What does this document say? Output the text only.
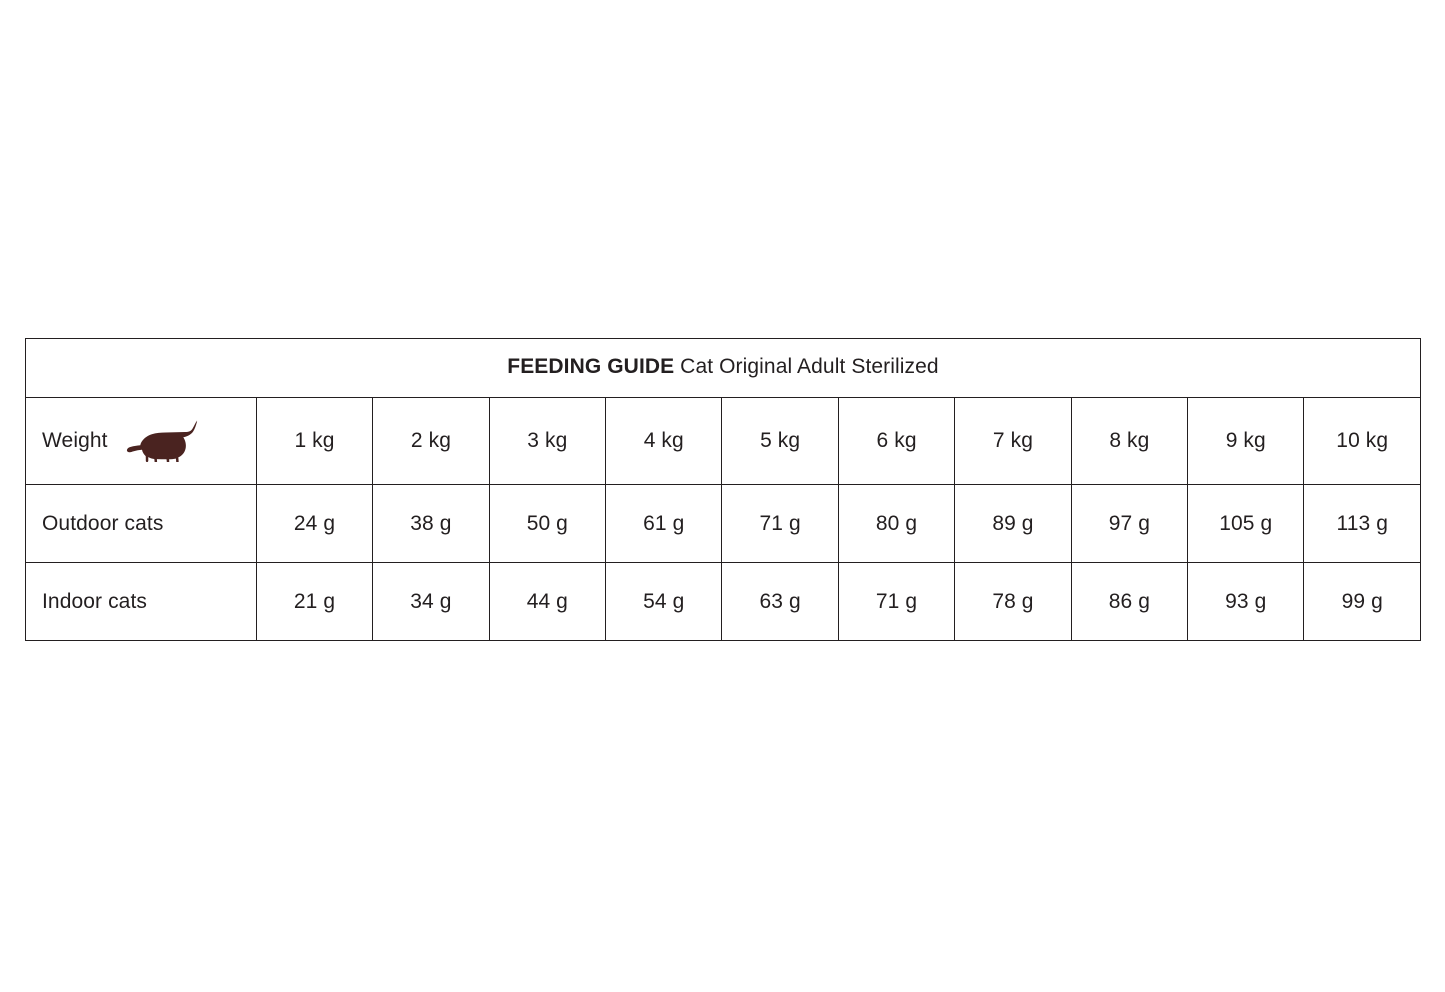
FEEDING GUIDE Cat Original Adult Sterilized										

Weight	1 kg	2 kg	3 kg	4 kg	5 kg	6 kg	7 kg	8 kg	9 kg	10 kg
Outdoor cats	24 g	38 g	50 g	61 g	71 g	80 g	89 g	97 g	105 g	113 g
Indoor cats	21 g	34 g	44 g	54 g	63 g	71 g	78 g	86 g	93 g	99 g
